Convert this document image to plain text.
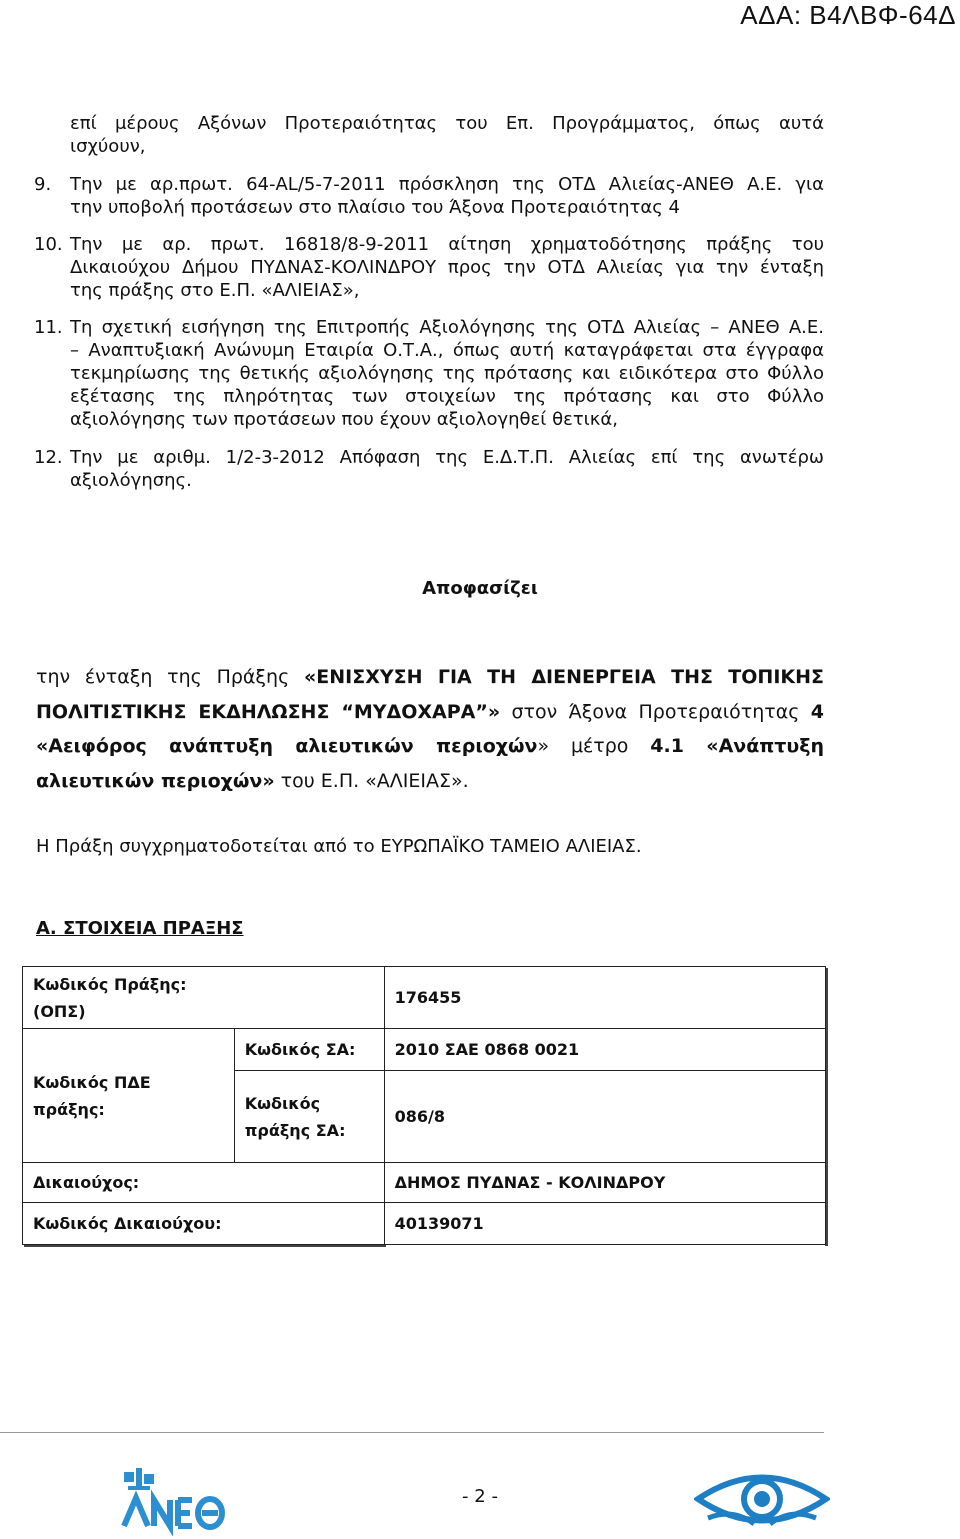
ΑΔΑ: Β4ΛΒΦ-64Δ
επί μέρους Αξόνων Προτεραιότητας του Επ. Προγράμματος, όπως αυτά
ισχύουν,
9.	Την με αρ.πρωτ. 64-AL/5-7-2011 πρόσκληση της ΟΤΔ Αλιείας-ΑΝΕΘ Α.Ε. για
την υποβολή προτάσεων στο πλαίσιο του Άξονα Προτεραιότητας 4
10. Την με αρ. πρωτ. 16818/8-9-2011 αίτηση χρηματοδότησης πράξης του
Δικαιούχου Δήμου ΠΥΔΝΑΣ-ΚΟΛΙΝΔΡΟΥ προς την ΟΤΔ Αλιείας για την ένταξη
της πράξης στο Ε.Π. «ΑΛΙΕΙΑΣ»,
11. Τη σχετική εισήγηση της Επιτροπής Αξιολόγησης της ΟΤΔ Αλιείας – ΑΝΕΘ Α.Ε.
– Αναπτυξιακή Ανώνυμη Εταιρία Ο.Τ.Α., όπως αυτή καταγράφεται στα έγγραφα
τεκμηρίωσης της θετικής αξιολόγησης της πρότασης και ειδικότερα στο Φύλλο
εξέτασης της πληρότητας των στοιχείων της πρότασης και στο Φύλλο
αξιολόγησης των προτάσεων που έχουν αξιολογηθεί θετικά,
12. Την με αριθμ. 1/2-3-2012 Απόφαση της Ε.Δ.Τ.Π. Αλιείας επί της ανωτέρω
αξιολόγησης.
Αποφασίζει
την ένταξη της Πράξης «ΕΝΙΣΧΥΣΗ ΓΙΑ ΤΗ ΔΙΕΝΕΡΓΕΙΑ ΤΗΣ ΤΟΠΙΚΗΣ
ΠΟΛΙΤΙΣΤΙΚΗΣ ΕΚΔΗΛΩΣΗΣ “ΜΥΔΟΧΑΡΑ”» στον Άξονα Προτεραιότητας 4
«Αειφόρος ανάπτυξη αλιευτικών περιοχών» μέτρο 4.1 «Ανάπτυξη
αλιευτικών περιοχών» του Ε.Π. «ΑΛΙΕΙΑΣ».
Η Πράξη συγχρηματοδοτείται από το ΕΥΡΩΠΑΪΚΟ ΤΑΜΕΙΟ ΑΛΙΕΙΑΣ.
Α. ΣΤΟΙΧΕΙΑ ΠΡΑΞΗΣ
Κωδικός Πράξης:
(ΟΠΣ)		176455
Κωδικός ΠΔΕ πράξης:	Κωδικός ΣΑ:	2010 ΣΑΕ 0868 0021

	Κωδικός
πράξης ΣΑ:	086/8
Δικαιούχος:		ΔΗΜΟΣ ΠΥΔΝΑΣ - ΚΟΛΙΝΔΡΟΥ
Κωδικός Δικαιούχου:		40139071
- 2 -
